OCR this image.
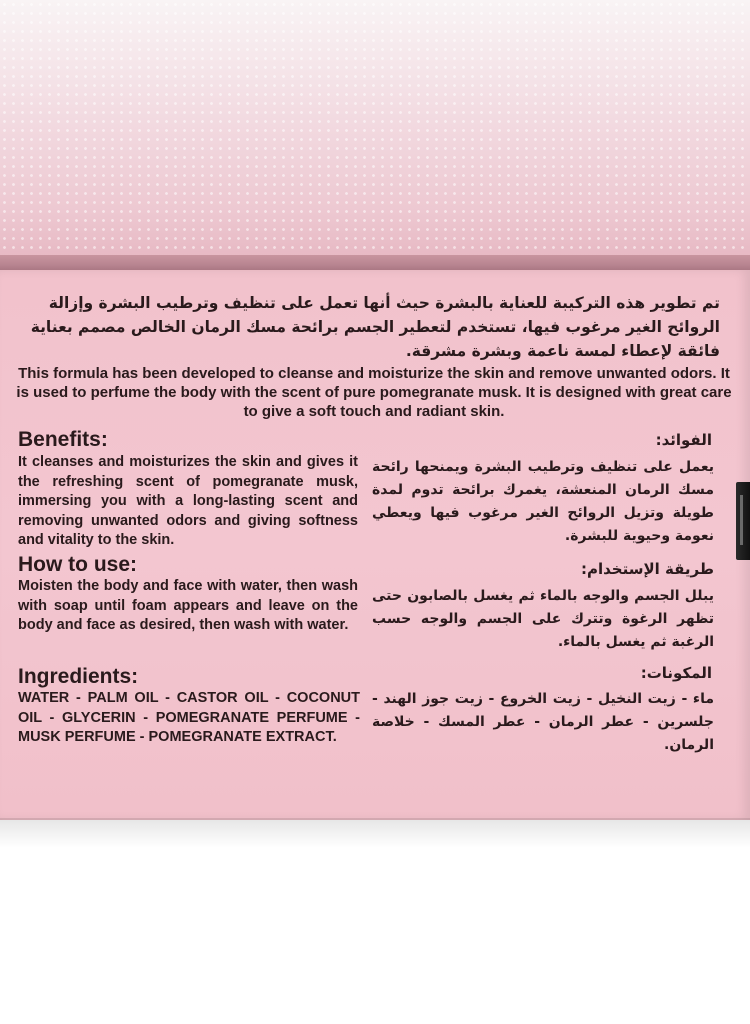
تم تطوير هذه التركيبة للعناية بالبشرة حيث أنها تعمل على تنظيف وترطيب البشرة وإزالة الروائح الغير مرغوب فيها، تستخدم لتعطير الجسم برائحة مسك الرمان الخالص مصمم بعناية فائقة لإعطاء لمسة ناعمة وبشرة مشرقة.
This formula has been developed to cleanse and moisturize the skin and remove unwanted odors. It is used to perfume the body with the scent of pure pomegranate musk. It is designed with great care to give a soft touch and radiant skin.
Benefits:
It cleanses and moisturizes the skin and gives it the refreshing scent of pomegranate musk, immersing you with a long-lasting scent and removing unwanted odors and giving softness and vitality to the skin.
الفوائد:
يعمل على تنظيف وترطيب البشرة ويمنحها رائحة مسك الرمان المنعشة، يغمرك برائحة تدوم لمدة طويلة وتزيل الروائح الغير مرغوب فيها ويعطي نعومة وحيوية للبشرة.
How to use:
Moisten the body and face with water, then wash with soap until foam appears and leave on the body and face as desired, then wash with water.
طريقة الإستخدام:
يبلل الجسم والوجه بالماء ثم يغسل بالصابون حتى تظهر الرغوة وتترك على الجسم والوجه حسب الرغبة ثم يغسل بالماء.
Ingredients:
WATER - PALM OIL - CASTOR OIL - COCONUT OIL - GLYCERIN - POMEGRANATE PERFUME - MUSK PERFUME - POMEGRANATE EXTRACT.
المكونات:
ماء - زيت النخيل - زيت الخروع - زيت جوز الهند - جلسرين - عطر الرمان - عطر المسك - خلاصة الرمان.
